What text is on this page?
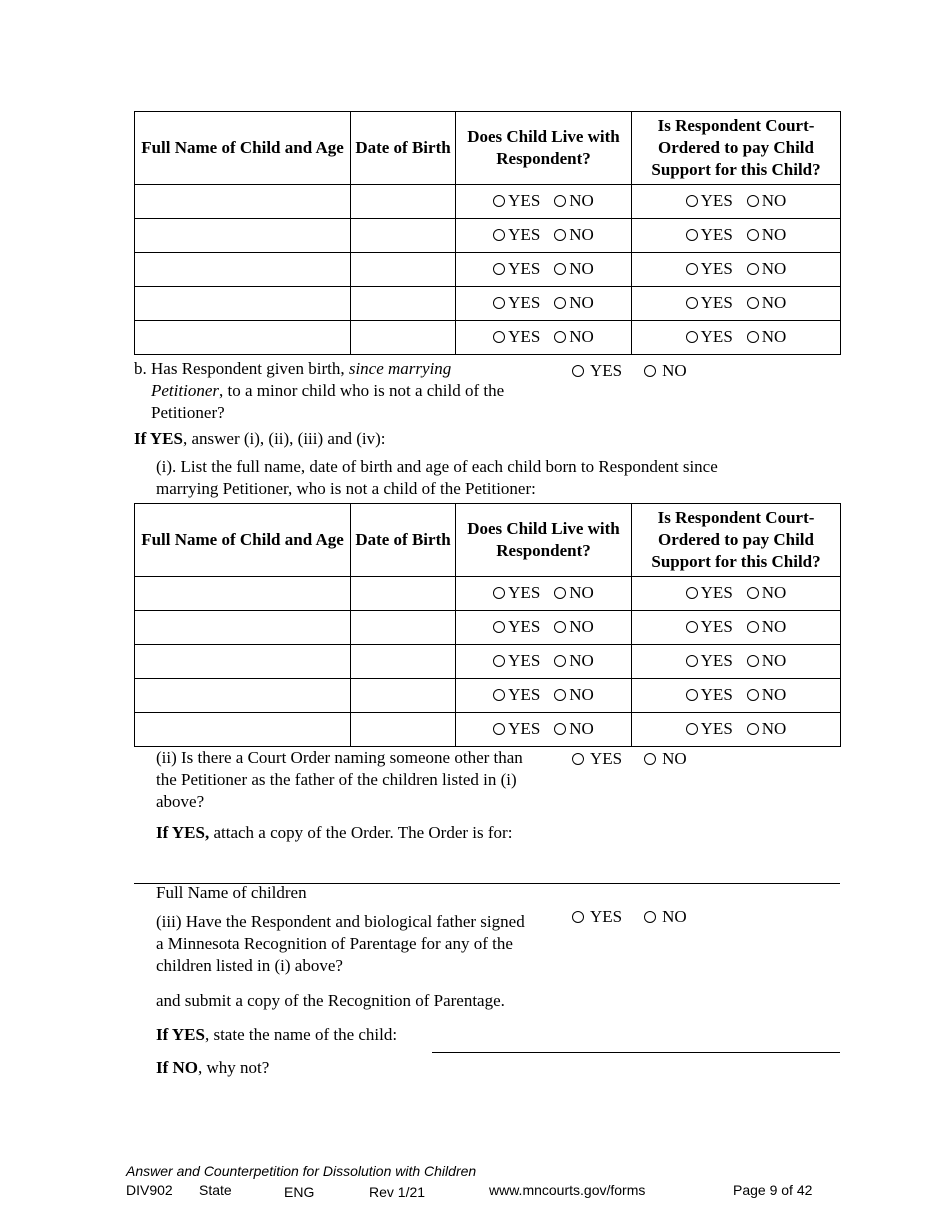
Full Name of Child and Age	Date of Birth	Does Child Live with Respondent?	Is Respondent Court-Ordered to pay Child Support for this Child?

		YES NO	YES NO

		YES NO	YES NO

		YES NO	YES NO

		YES NO	YES NO

		YES NO	YES NO
b. Has Respondent given birth, since marrying
Petitioner, to a minor child who is not a child of the
Petitioner?
YES NO
If YES, answer (i), (ii), (iii) and (iv):
(i). List the full name, date of birth and age of each child born to Respondent since
marrying Petitioner, who is not a child of the Petitioner:
Full Name of Child and Age	Date of Birth	Does Child Live with Respondent?	Is Respondent Court-Ordered to pay Child Support for this Child?

		YES NO	YES NO

		YES NO	YES NO

		YES NO	YES NO

		YES NO	YES NO

		YES NO	YES NO
(ii) Is there a Court Order naming someone other than
the Petitioner as the father of the children listed in (i)
above?
YES NO
If YES, attach a copy of the Order. The Order is for:
Full Name of children
(iii) Have the Respondent and biological father signed
a Minnesota Recognition of Parentage for any of the
children listed in (i) above?
YES NO
and submit a copy of the Recognition of Parentage.
If YES, state the name of the child:
If NO, why not?
Answer and Counterpetition for Dissolution with Children
DIV902 State	ENG	Rev 1/21	www.mncourts.gov/forms	Page 9 of 42
